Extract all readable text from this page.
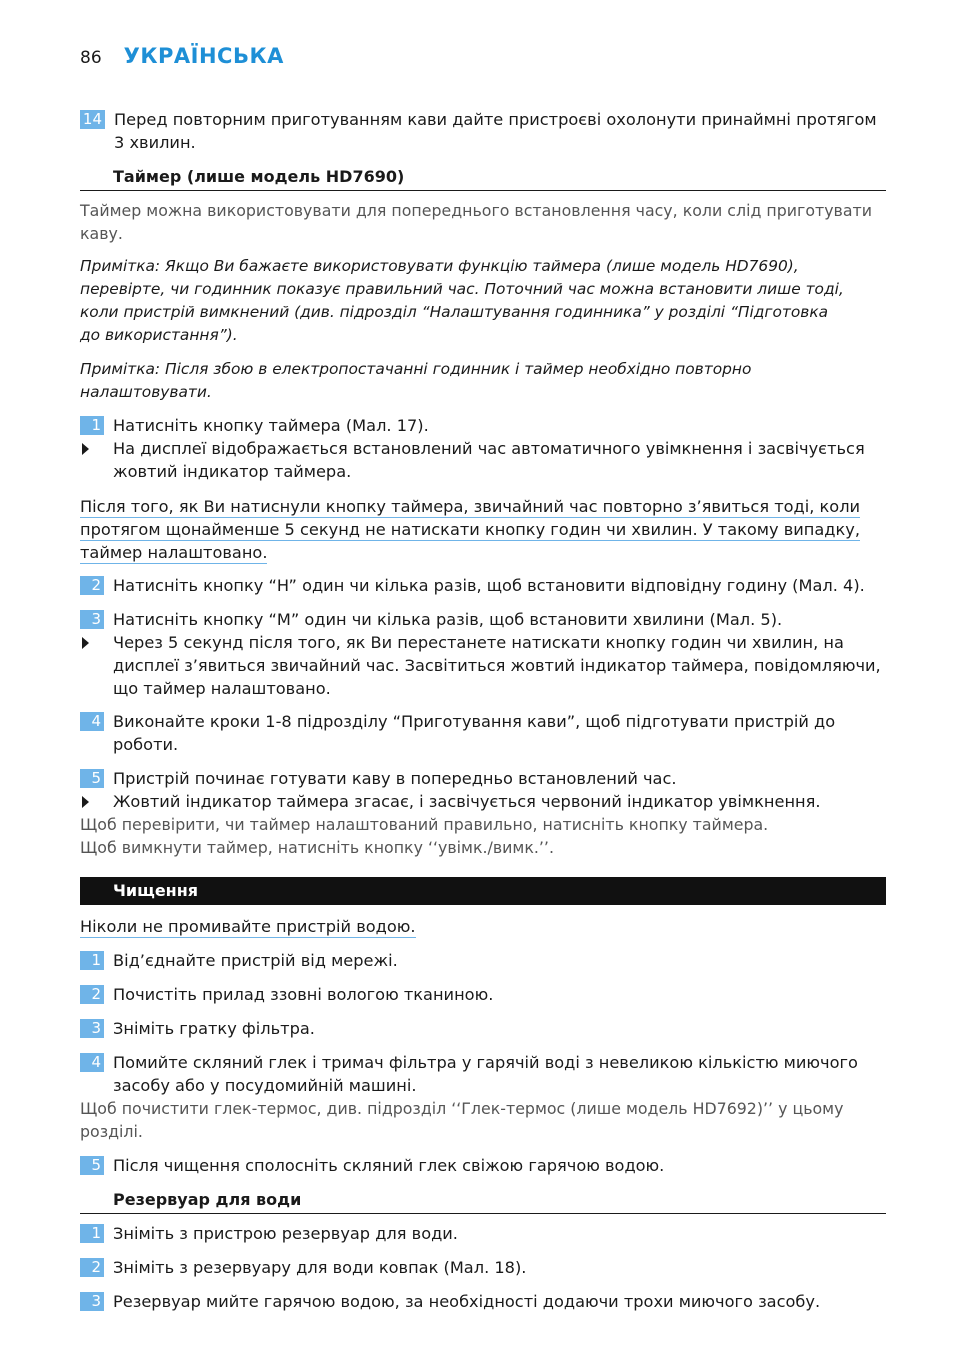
86 УКРАЇНСЬКА
14 Перед повторним приготуванням кави дайте пристроєві охолонути принаймні протягом 3 хвилин.
Таймер (лише модель HD7690)
Таймер можна використовувати для попереднього встановлення часу, коли слід приготувати каву.
Примітка: Якщо Ви бажаєте використовувати функцію таймера (лише модель HD7690), перевірте, чи годинник показує правильний час. Поточний час можна встановити лише тоді, коли пристрій вимкнений (див. підрозділ “Налаштування годинника” у розділі “Підготовка до використання”).
Примітка: Після збою в електропостачанні годинник і таймер необхідно повторно налаштовувати.
1 Натисніть кнопку таймера (Мал. 17).
На дисплеї відображається встановлений час автоматичного увімкнення і засвічується жовтий індикатор таймера.
Після того, як Ви натиснули кнопку таймера, звичайний час повторно з’явиться тоді, коли
протягом щонайменше 5 секунд не натискати кнопку годин чи хвилин. У такому випадку,
таймер налаштовано.
2 Натисніть кнопку “H” один чи кілька разів, щоб встановити відповідну годину (Мал. 4).
3 Натисніть кнопку “M” один чи кілька разів, щоб встановити хвилини (Мал. 5).
Через 5 секунд після того, як Ви перестанете натискати кнопку годин чи хвилин, на дисплеї з’явиться звичайний час. Засвітиться жовтий індикатор таймера, повідомляючи, що таймер налаштовано.
4 Виконайте кроки 1-8 підрозділу “Приготування кави”, щоб підготувати пристрій до роботи.
5 Пристрій починає готувати каву в попередньо встановлений час.
Жовтий індикатор таймера згасає, і засвічується червоний індикатор увімкнення.
Щоб перевірити, чи таймер налаштований правильно, натисніть кнопку таймера.
Щоб вимкнути таймер, натисніть кнопку ‘‘увімк./вимк.’’.
Чищення
Ніколи не промивайте пристрій водою.
1 Від’єднайте пристрій від мережі.
2 Почистіть прилад ззовні вологою тканиною.
3 Зніміть гратку фільтра.
4 Помийте скляний глек і тримач фільтра у гарячій воді з невеликою кількістю миючого засобу або у посудомийній машині.
Щоб почистити глек-термос, див. підрозділ ‘‘Глек-термос (лише модель HD7692)’’ у цьому розділі.
5 Після чищення сполосніть скляний глек свіжою гарячою водою.
Резервуар для води
1 Зніміть з пристрою резервуар для води.
2 Зніміть з резервуару для води ковпак (Мал. 18).
3 Резервуар мийте гарячою водою, за необхідності додаючи трохи миючого засобу.
